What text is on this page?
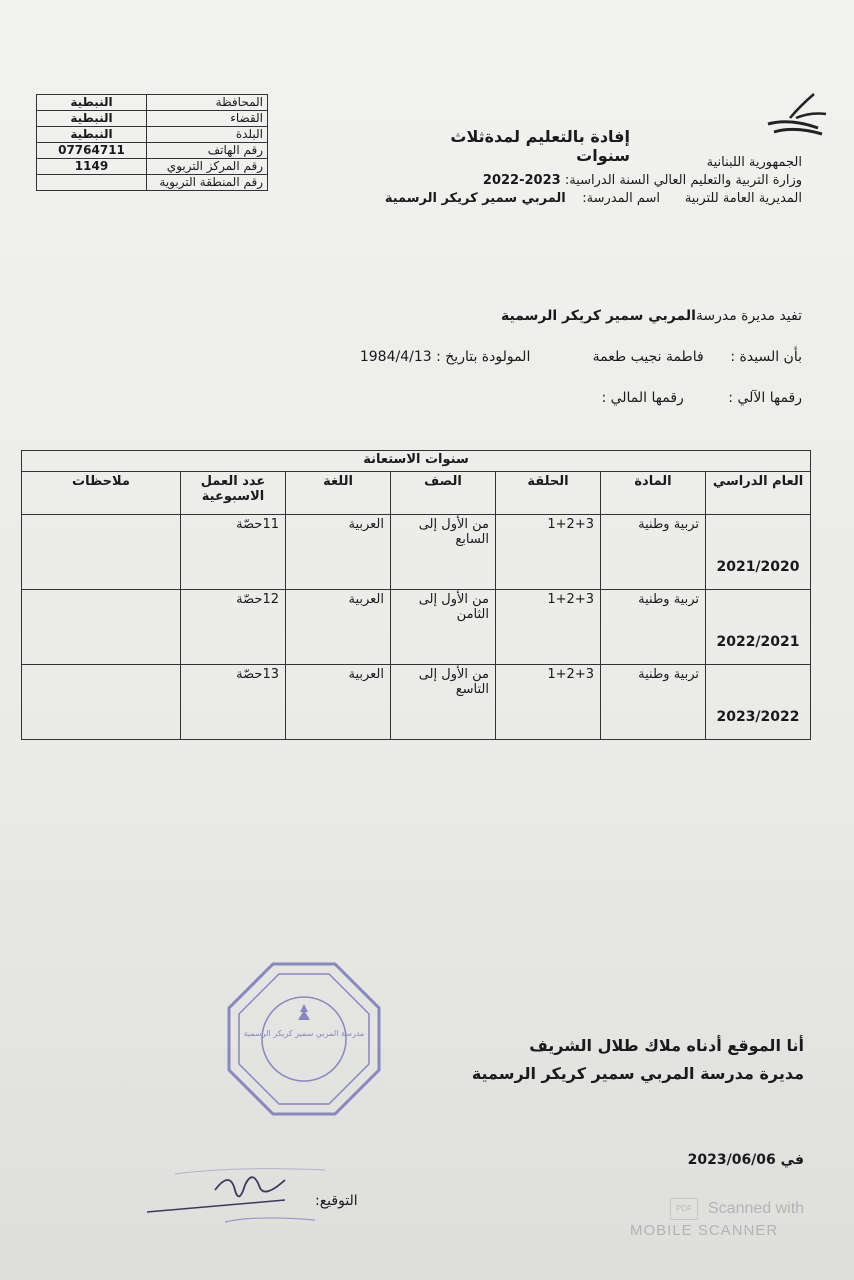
المحافظة	النبطية
القضاء	النبطية
البلدة	النبطية
رقم الهاتف	07764711
رقم المركز التربوي	1149
رقم المنطقة التربوية	
إفادة بالتعليم لمدةثلاث سنوات	الجمهورية اللبنانية
وزارة التربية والتعليم العالي السنة الدراسية: 2023-2022
المديرية العامة للتربية      اسم المدرسة:    المربي سمير كريكر الرسمية
تفيد مديرة مدرسةالمربي سمير كريكر الرسمية
بأن السيدة :      فاطمة نجيب طعمة              المولودة بتاريخ : 1984/4/13
رقمها الآلي :          رقمها المالي :
سنوات الاستعانة						
العام الدراسي	المادة	الحلقة	الصف	اللغة	عدد العمل الاسبوعية	ملاحظات
2021/2020	تربية وطنية	1+2+3	من الأول إلى السابع	العربية	11حصّة	
2022/2021	تربية وطنية	1+2+3	من الأول إلى الثامن	العربية	12حصّة	
2023/2022	تربية وطنية	1+2+3	من الأول إلى التاسع	العربية	13حصّة	
مدرسة المربي سمير كريكر الرسمية
أنا الموقع أدناه ملاك طلال الشريف
مديرة مدرسة المربي سمير كريكر الرسمية
في 2023/06/06
التوقيع:	PDF Scanned with
MOBILE SCANNER
